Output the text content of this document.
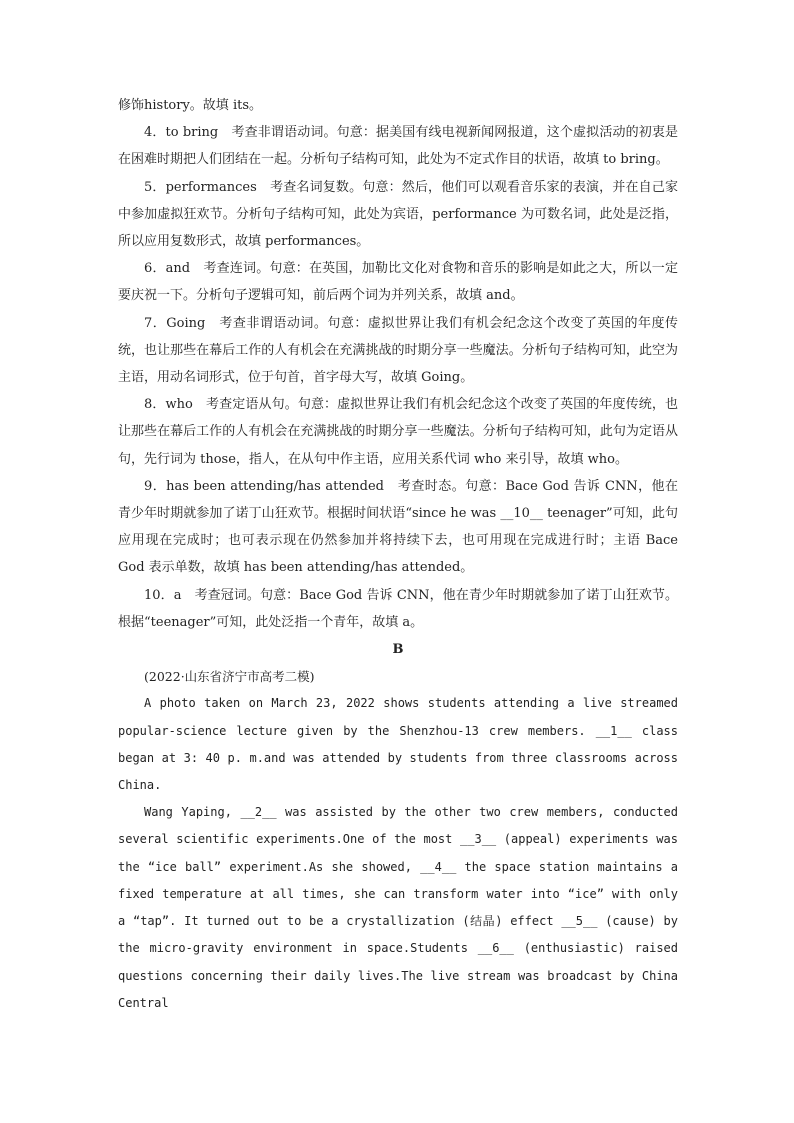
修饰history。故填 its。

4．to bring　考查非谓语动词。句意：据美国有线电视新闻网报道，这个虚拟活动的初衷是在困难时期把人们团结在一起。分析句子结构可知，此处为不定式作目的状语，故填 to bring。

5．performances　考查名词复数。句意：然后，他们可以观看音乐家的表演，并在自己家中参加虚拟狂欢节。分析句子结构可知，此处为宾语，performance 为可数名词，此处是泛指，所以应用复数形式，故填 performances。

6．and　考查连词。句意：在英国，加勒比文化对食物和音乐的影响是如此之大，所以一定要庆祝一下。分析句子逻辑可知，前后两个词为并列关系，故填 and。

7．Going　考查非谓语动词。句意：虚拟世界让我们有机会纪念这个改变了英国的年度传统，也让那些在幕后工作的人有机会在充满挑战的时期分享一些魔法。分析句子结构可知，此空为主语，用动名词形式，位于句首，首字母大写，故填 Going。

8．who　考查定语从句。句意：虚拟世界让我们有机会纪念这个改变了英国的年度传统，也让那些在幕后工作的人有机会在充满挑战的时期分享一些魔法。分析句子结构可知，此句为定语从句，先行词为 those，指人，在从句中作主语，应用关系代词 who 来引导，故填 who。

9．has been attending/has attended　考查时态。句意：Bace God 告诉 CNN，他在青少年时期就参加了诺丁山狂欢节。根据时间状语“since he was __10__ teenager”可知，此句应用现在完成时；也可表示现在仍然参加并将持续下去，也可用现在完成进行时；主语 Bace God 表示单数，故填 has been attending/has attended。

10．a　考查冠词。句意：Bace God 告诉 CNN，他在青少年时期就参加了诺丁山狂欢节。根据“teenager”可知，此处泛指一个青年，故填 a。

B

(2022·山东省济宁市高考二模)

A photo taken on March 23, 2022 shows students attending a live streamed popular-science lecture given by the Shenzhou-13 crew members. __1__ class began at 3: 40 p. m.and was attended by students from three classrooms across China.

Wang Yaping, __2__ was assisted by the other two crew members, conducted several scientific experiments.One of the most __3__ (appeal) experiments was the “ice ball” experiment.As she showed, __4__ the space station maintains a fixed temperature at all times, she can transform water into “ice” with only a “tap”. It turned out to be a crystallization (结晶) effect __5__ (cause) by the micro-gravity environment in space.Students __6__ (enthusiastic) raised questions concerning their daily lives.The live stream was broadcast by China Central
